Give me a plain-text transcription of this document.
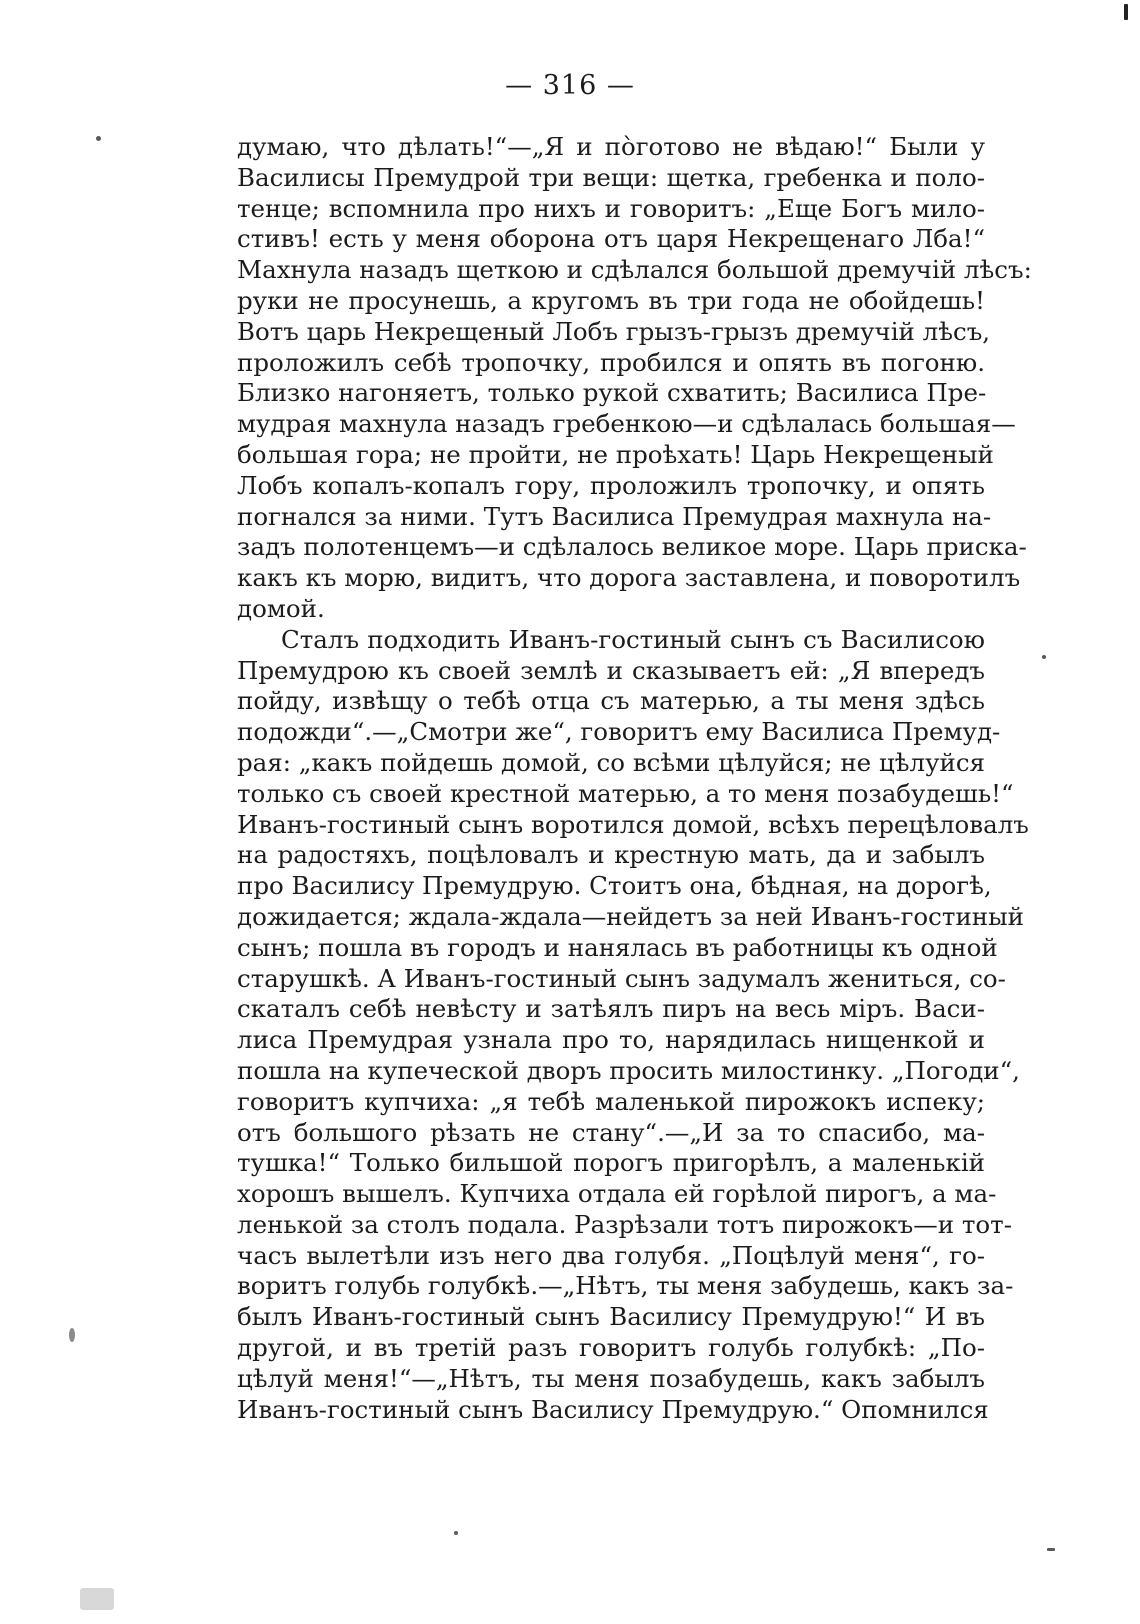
— 316 —
думаю, что дѣлать!“—„Я и пòготово не вѣдаю!“ Были у
Василисы Премудрой три вещи: щетка, гребенка и поло-
тенце; вспомнила про нихъ и говоритъ: „Еще Богъ мило-
стивъ! есть у меня оборона отъ царя Некрещенаго Лба!“
Махнула назадъ щеткою и сдѣлался большой дремучій лѣсъ:
руки не просунешь, а кругомъ въ три года не обойдешь!
Вотъ царь Некрещеный Лобъ грызъ-грызъ дремучій лѣсъ,
проложилъ себѣ тропочку, пробился и опять въ погоню.
Близко нагоняетъ, только рукой схватить; Василиса Пре-
мудрая махнула назадъ гребенкою—и сдѣлалась большая—
большая гора; не пройти, не проѣхать! Царь Некрещеный
Лобъ копалъ-копалъ гору, проложилъ тропочку, и опять
погнался за ними. Тутъ Василиса Премудрая махнула на-
задъ полотенцемъ—и сдѣлалось великое море. Царь прискa-
какъ къ морю, видитъ, что дорога заставлена, и поворотилъ
домой.
Сталъ подходить Иванъ-гостиный сынъ съ Василисою
Премудрою къ своей землѣ и сказываетъ ей: „Я впередъ
пойду, извѣщу о тебѣ отца съ матерью, а ты меня здѣсь
подожди“.—„Смотри же“, говоритъ ему Василиса Премуд-
рая: „какъ пойдешь домой, со всѣми цѣлуйся; не цѣлуйся
только съ своей крестной матерью, а то меня позабудешь!“
Иванъ-гостиный сынъ воротился домой, всѣхъ перецѣловалъ
на радостяхъ, поцѣловалъ и крестную мать, да и забылъ
про Василису Премудрую. Стоитъ она, бѣдная, на дорогѣ,
дожидается; ждала-ждала—нейдетъ за ней Иванъ-гостиный
сынъ; пошла въ городъ и нанялась въ работницы къ одной
старушкѣ. А Иванъ-гостиный сынъ задумалъ жениться, со-
скаталъ себѣ невѣсту и затѣялъ пиръ на весь міръ. Васи-
лиса Премудрая узнала про то, нарядилась нищенкой и
пошла на купеческой дворъ просить милостинку. „Погоди“,
говоритъ купчиха: „я тебѣ маленькой пирожокъ испеку;
отъ большого рѣзать не стану“.—„И за то спасибо, ма-
тушка!“ Только бильшой порогъ пригорѣлъ, а маленькій
хорошъ вышелъ. Купчиха отдала ей горѣлой пирогъ, а ма-
ленькой за столъ подала. Разрѣзали тотъ пирожокъ—и тот-
часъ вылетѣли изъ него два голубя. „Поцѣлуй меня“, го-
воритъ голубь голубкѣ.—„Нѣтъ, ты меня забудешь, какъ за-
былъ Иванъ-гостиный сынъ Василису Премудрую!“ И въ
другой, и въ третій разъ говоритъ голубь голубкѣ: „По-
цѣлуй меня!“—„Нѣтъ, ты меня позабудешь, какъ забылъ
Иванъ-гостиный сынъ Василису Премудрую.“ Опомнился
